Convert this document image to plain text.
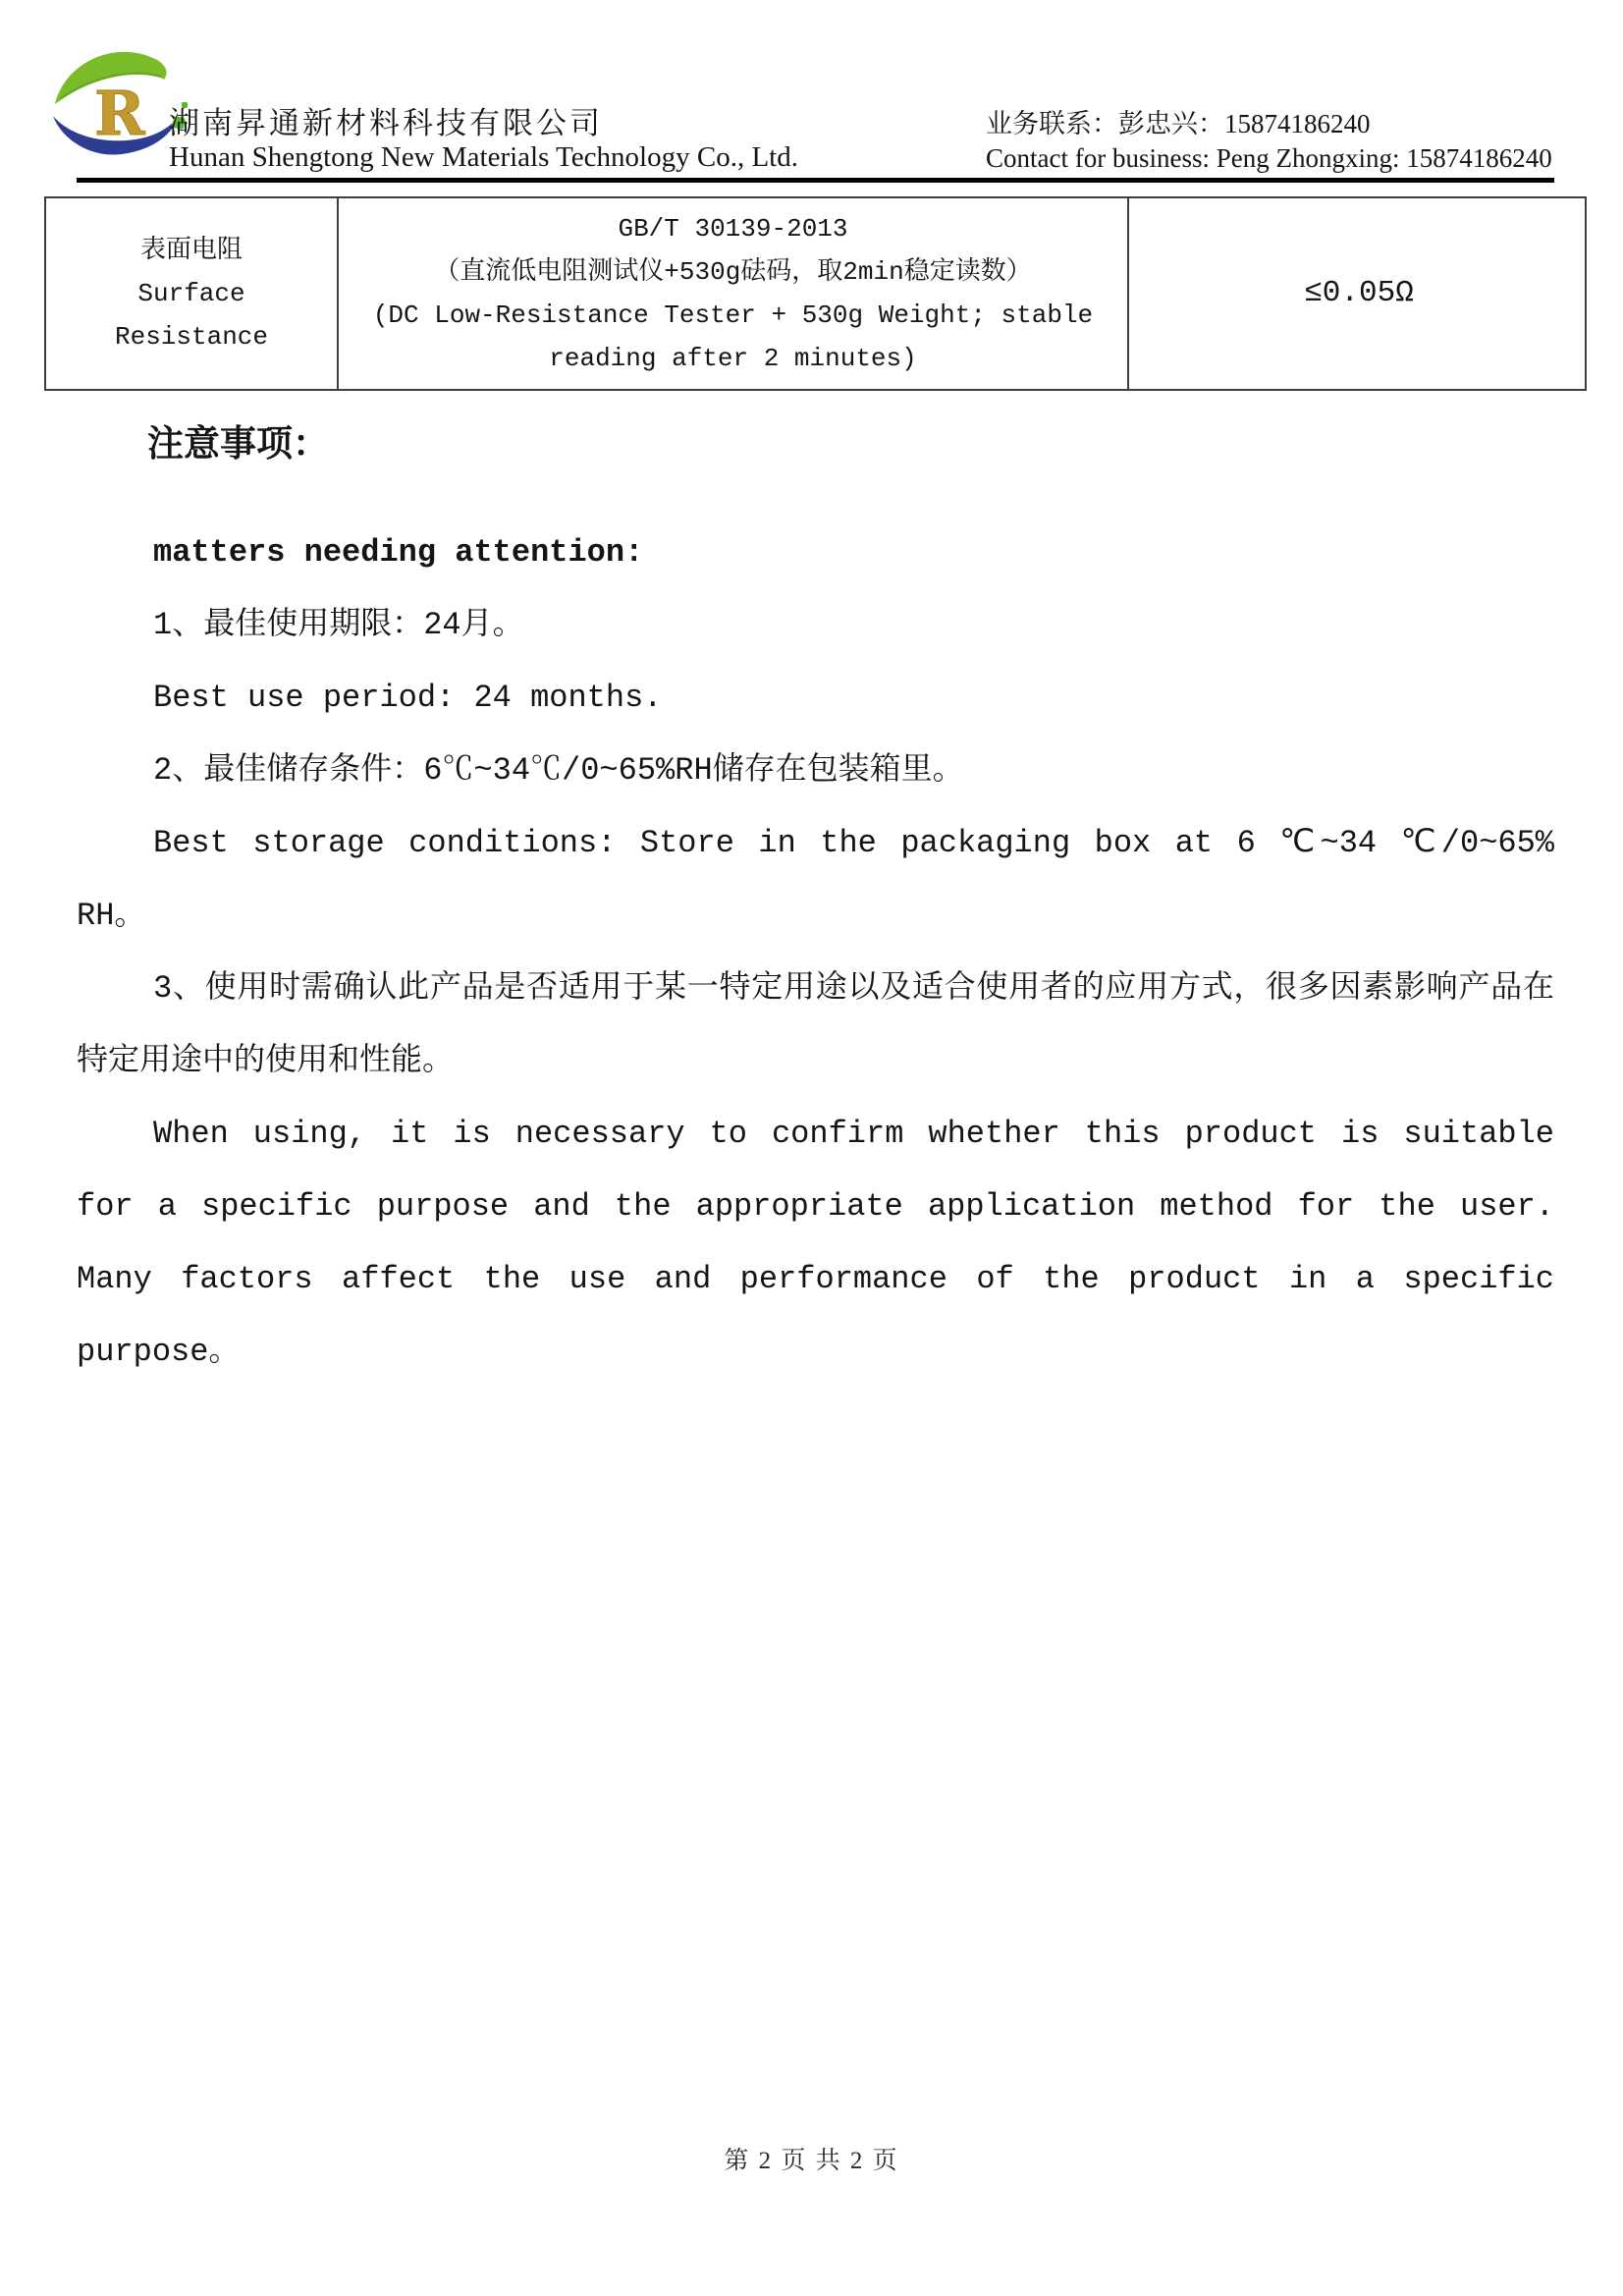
R 湖南昇通新材料科技有限公司
Hunan Shengtong New Materials Technology Co., Ltd.
业务联系：彭忠兴：15874186240
Contact for business: Peng Zhongxing: 15874186240
表面电阻
Surface Resistance
GB/T 30139-2013
（直流低电阻测试仪+530g砝码，取2min稳定读数）
(DC Low-Resistance Tester + 530g Weight; stable reading after 2 minutes)
≤0.05Ω

注意事项：

matters needing attention:

1、最佳使用期限：24月。

Best use period: 24 months.

2、最佳储存条件：6℃~34℃/0~65%RH储存在包装箱里。

Best storage conditions: Store in the packaging box at 6 ℃~34 ℃/0~65% RH。

3、使用时需确认此产品是否适用于某一特定用途以及适合使用者的应用方式，很多因素影响产品在特定用途中的使用和性能。

When using, it is necessary to confirm whether this product is suitable for a specific purpose and the appropriate application method for the user. Many factors affect the use and performance of the product in a specific purpose。

第 2 页 共 2 页
